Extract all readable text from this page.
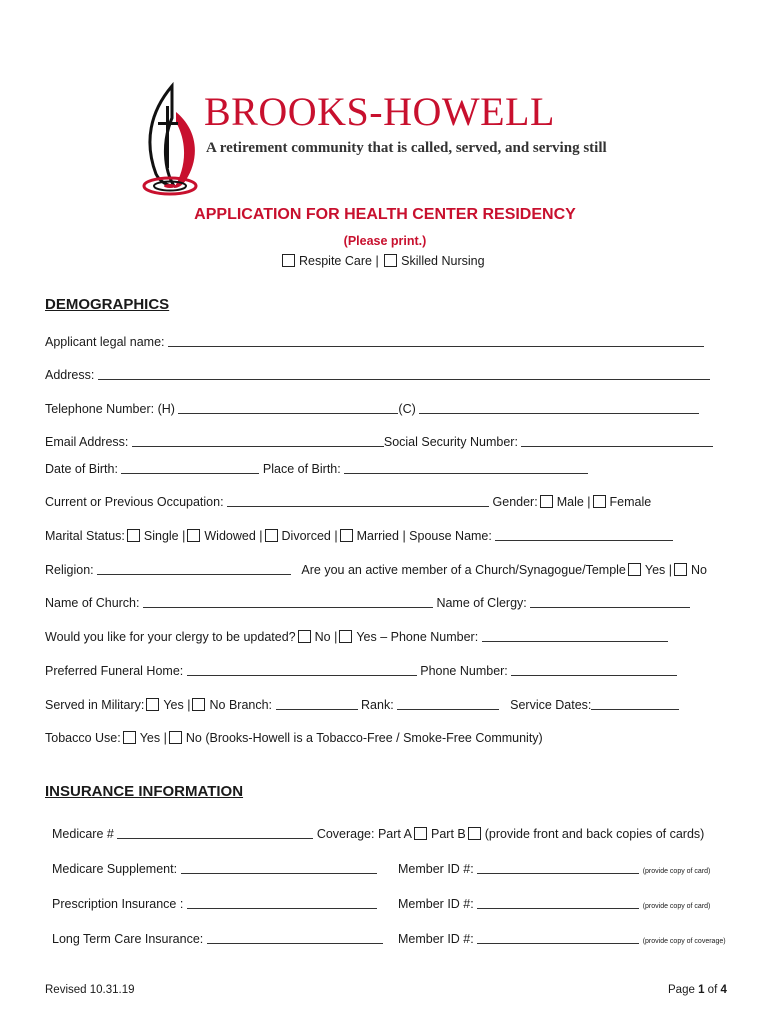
BROOKS-HOWELL
A retirement community that is called, served, and serving still
APPLICATION FOR HEALTH CENTER RESIDENCY
(Please print.)
Respite Care | Skilled Nursing
DEMOGRAPHICS
Applicant legal name:
Address:
Telephone Number: (H)	(C)
Email Address:	Social Security Number:
Date of Birth:	Place of Birth:
Current or Previous Occupation:	Gender: Male | Female
Marital Status: Single | Widowed | Divorced | Married | Spouse Name:
Religion:	Are you an active member of a Church/Synagogue/Temple Yes | No
Name of Church:	Name of Clergy:
Would you like for your clergy to be updated? No | Yes – Phone Number:
Preferred Funeral Home:	Phone Number:
Served in Military: Yes | No Branch:	Rank:	Service Dates:
Tobacco Use: Yes | No (Brooks-Howell is a Tobacco-Free / Smoke-Free Community)
INSURANCE INFORMATION
Medicare #	Coverage: Part A Part B (provide front and back copies of cards)
Medicare Supplement:	Member ID #:	(provide copy of card)
Prescription Insurance :	Member ID #:	(provide copy of card)
Long Term Care Insurance:	Member ID #:	(provide copy of coverage)
Revised 10.31.19	Page 1 of 4
